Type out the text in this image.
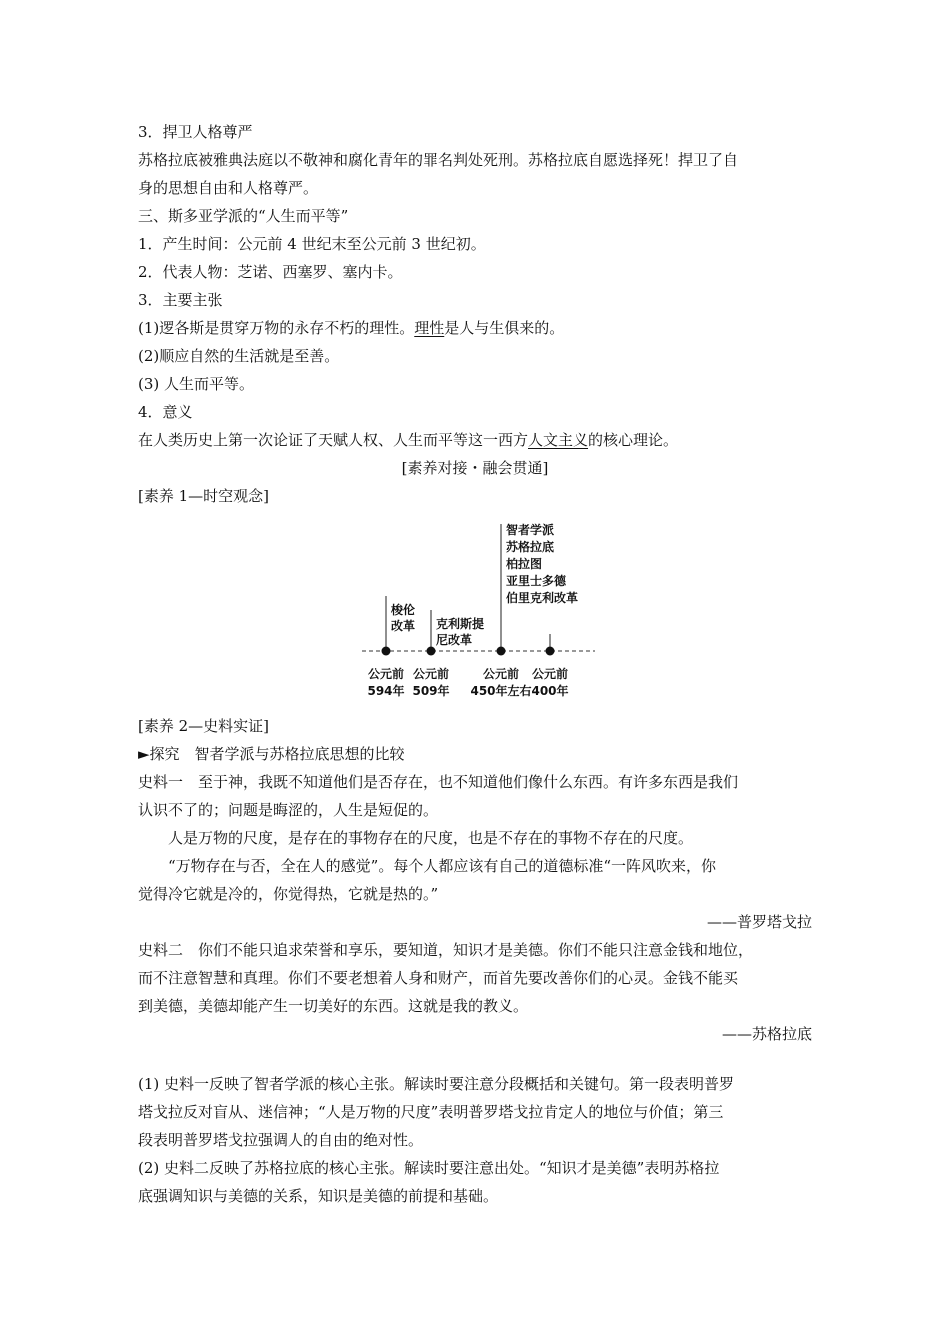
3．捍卫人格尊严
苏格拉底被雅典法庭以不敬神和腐化青年的罪名判处死刑。苏格拉底自愿选择死！捍卫了自
身的思想自由和人格尊严。
三、斯多亚学派的“人生而平等”
1．产生时间：公元前 4 世纪末至公元前 3 世纪初。
2．代表人物：芝诺、西塞罗、塞内卡。
3．主要主张
(1)逻各斯是贯穿万物的永存不朽的理性。理性是人与生俱来的。
(2)顺应自然的生活就是至善。
(3) 人生而平等。
4．意义
在人类历史上第一次论证了天赋人权、人生而平等这一西方人文主义的核心理论。
[素养对接・融会贯通]
[素养 1—时空观念]
梭伦
改革
公元前
594年
克利斯提
尼改革
公元前
509年
智者学派
苏格拉底
柏拉图
亚里士多德
伯里克利改革
公元前
450年左右
公元前
400年
[素养 2—史料实证]
►探究　智者学派与苏格拉底思想的比较
史料一　至于神，我既不知道他们是否存在，也不知道他们像什么东西。有许多东西是我们
认识不了的；问题是晦涩的，人生是短促的。
人是万物的尺度，是存在的事物存在的尺度，也是不存在的事物不存在的尺度。
“万物存在与否，全在人的感觉”。每个人都应该有自己的道德标准“一阵风吹来，你
觉得冷它就是冷的，你觉得热，它就是热的。”
——普罗塔戈拉
史料二　你们不能只追求荣誉和享乐，要知道，知识才是美德。你们不能只注意金钱和地位，
而不注意智慧和真理。你们不要老想着人身和财产，而首先要改善你们的心灵。金钱不能买
到美德，美德却能产生一切美好的东西。这就是我的教义。
——苏格拉底
(1) 史料一反映了智者学派的核心主张。解读时要注意分段概括和关键句。第一段表明普罗
塔戈拉反对盲从、迷信神；“人是万物的尺度”表明普罗塔戈拉肯定人的地位与价值；第三
段表明普罗塔戈拉强调人的自由的绝对性。
(2) 史料二反映了苏格拉底的核心主张。解读时要注意出处。“知识才是美德”表明苏格拉
底强调知识与美德的关系，知识是美德的前提和基础。
